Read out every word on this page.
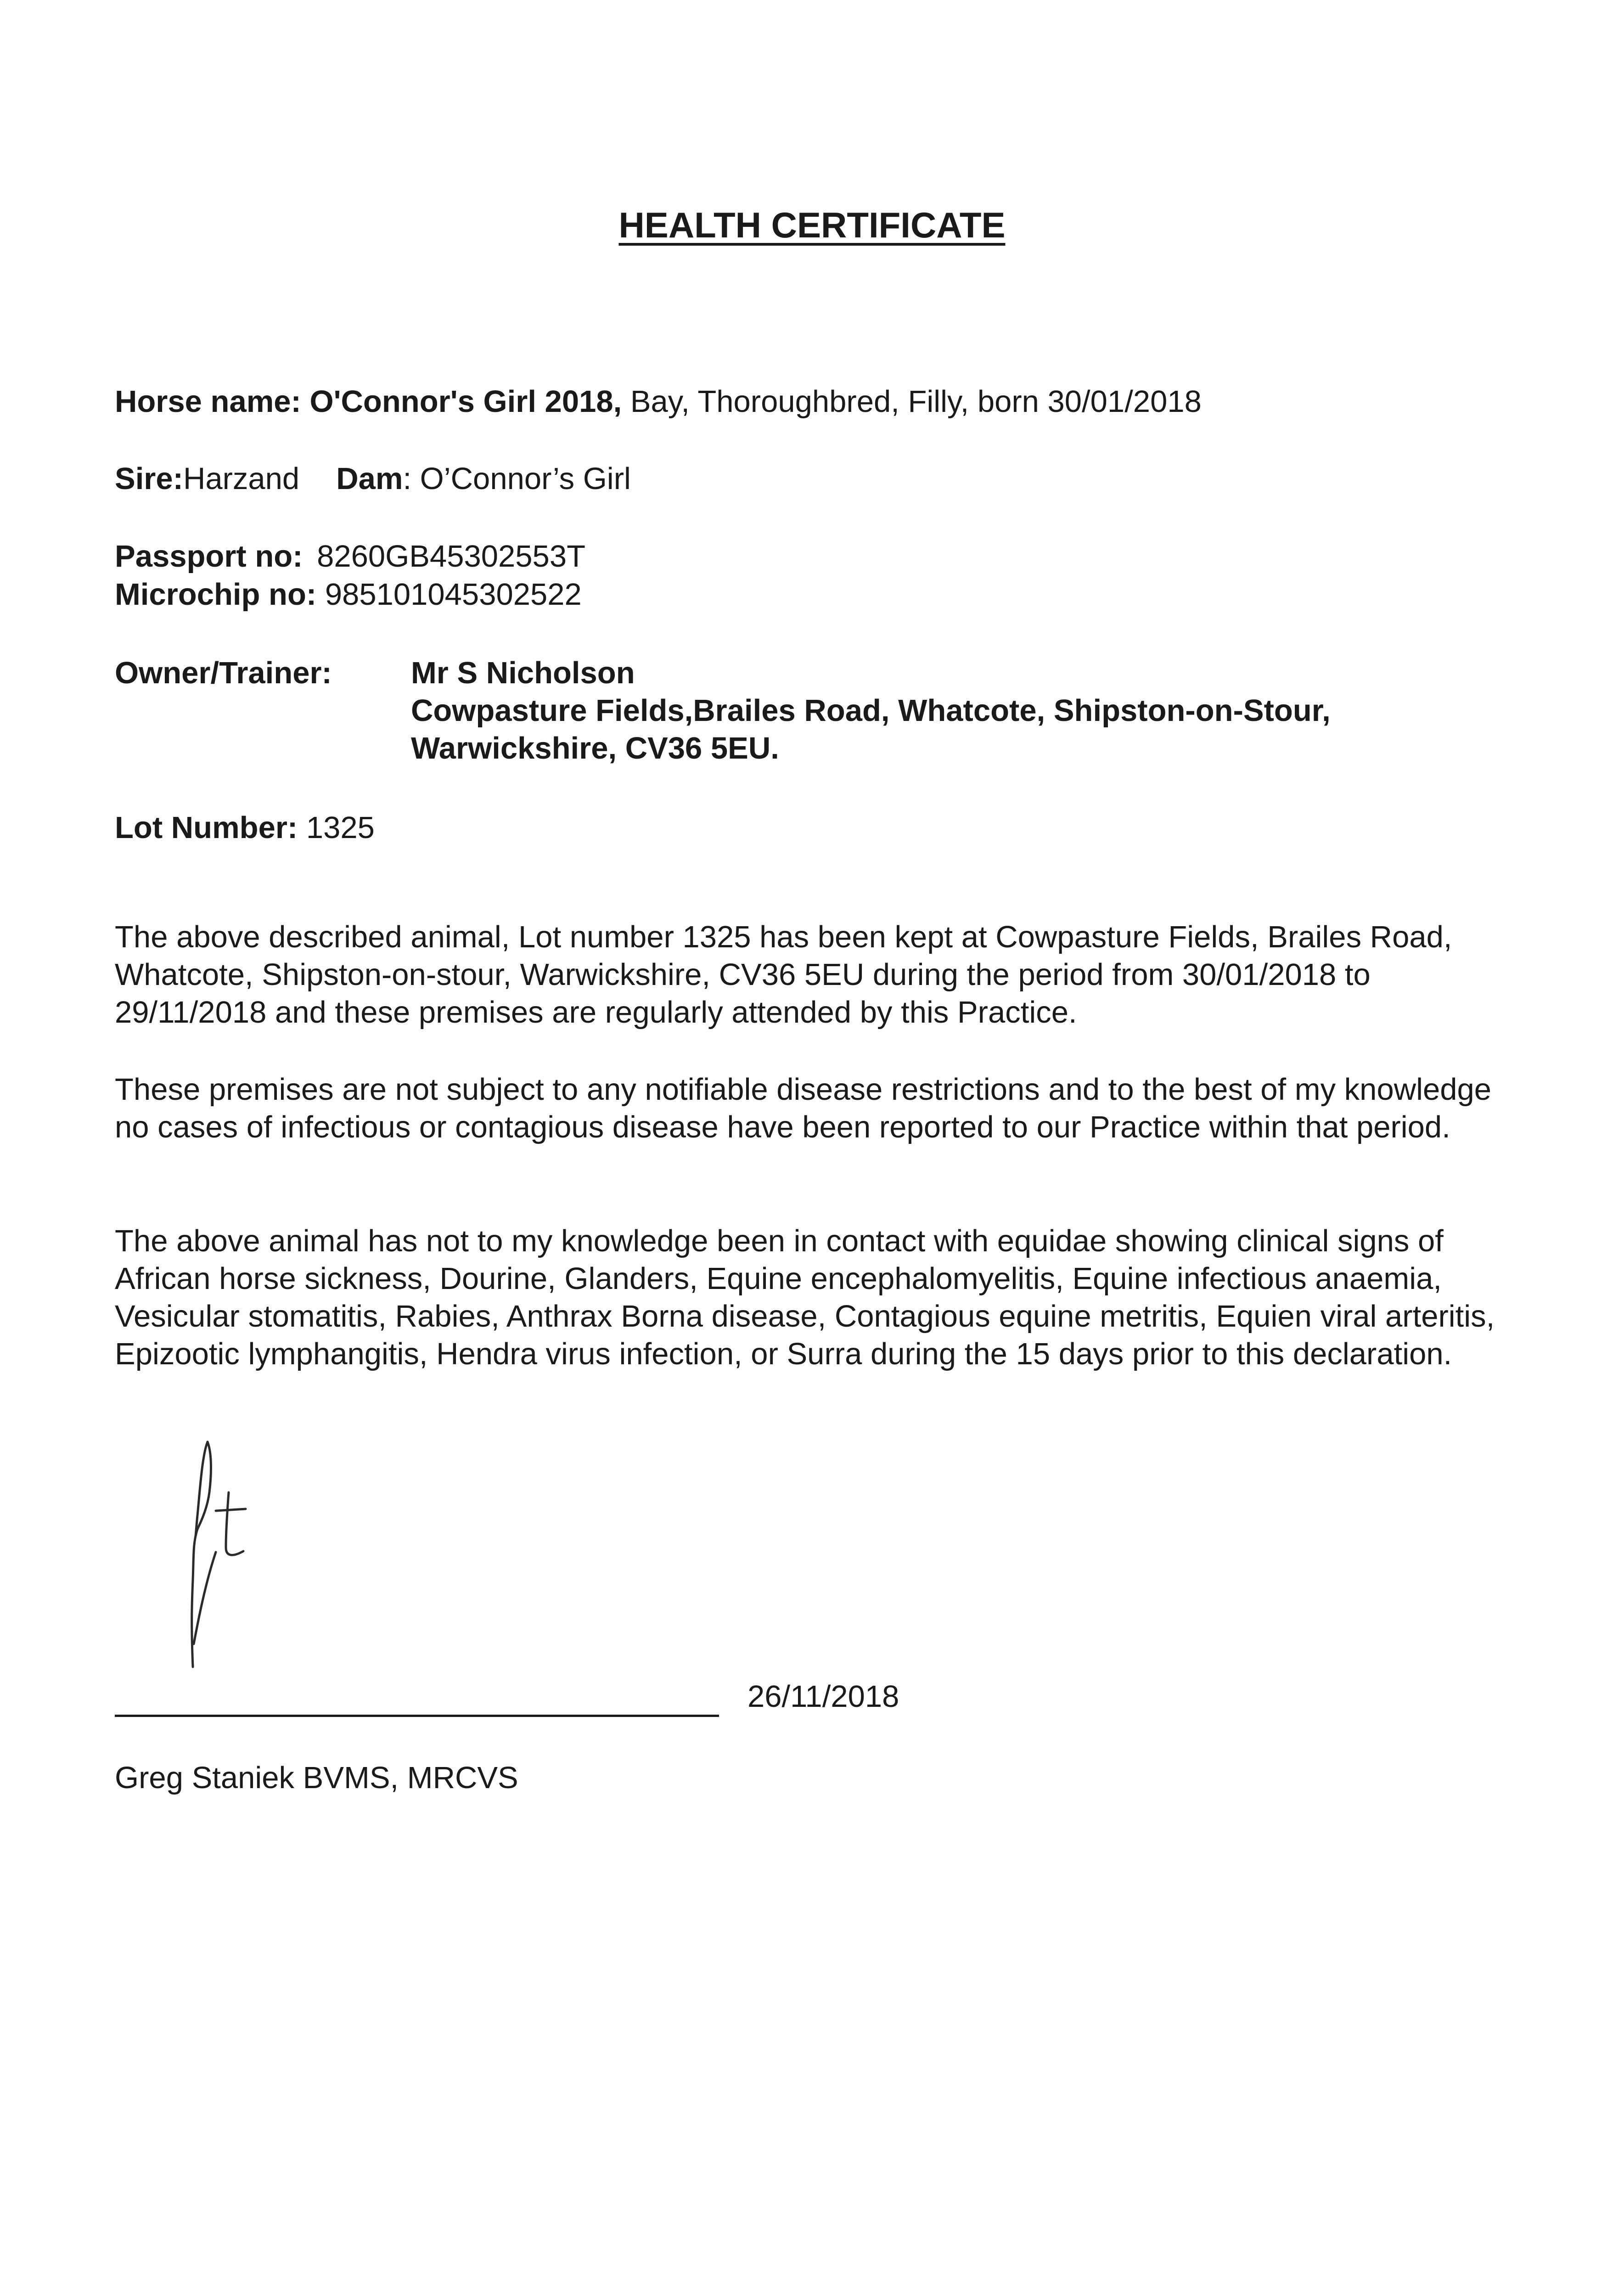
HEALTH CERTIFICATE

Horse name: O'Connor's Girl 2018, Bay, Thoroughbred, Filly, born 30/01/2018

Sire:Harzand Dam: O’Connor’s Girl

Passport no: 8260GB45302553T

Microchip no: 985101045302522

Owner/Trainer:	Mr S Nicholson
Cowpasture Fields,Brailes Road, Whatcote, Shipston-on-Stour,
Warwickshire, CV36 5EU.

Lot Number: 1325

The above described animal, Lot number 1325 has been kept at Cowpasture Fields, Brailes Road, Whatcote, Shipston-on-stour, Warwickshire, CV36 5EU during the period from 30/01/2018 to 29/11/2018 and these premises are regularly attended by this Practice.

These premises are not subject to any notifiable disease restrictions and to the best of my knowledge no cases of infectious or contagious disease have been reported to our Practice within that period.

The above animal has not to my knowledge been in contact with equidae showing clinical signs of African horse sickness, Dourine, Glanders, Equine encephalomyelitis, Equine infectious anaemia, Vesicular stomatitis, Rabies, Anthrax Borna disease, Contagious equine metritis, Equien viral arteritis, Epizootic lymphangitis, Hendra virus infection, or Surra during the 15 days prior to this declaration.

26/11/2018
Greg Staniek BVMS, MRCVS
